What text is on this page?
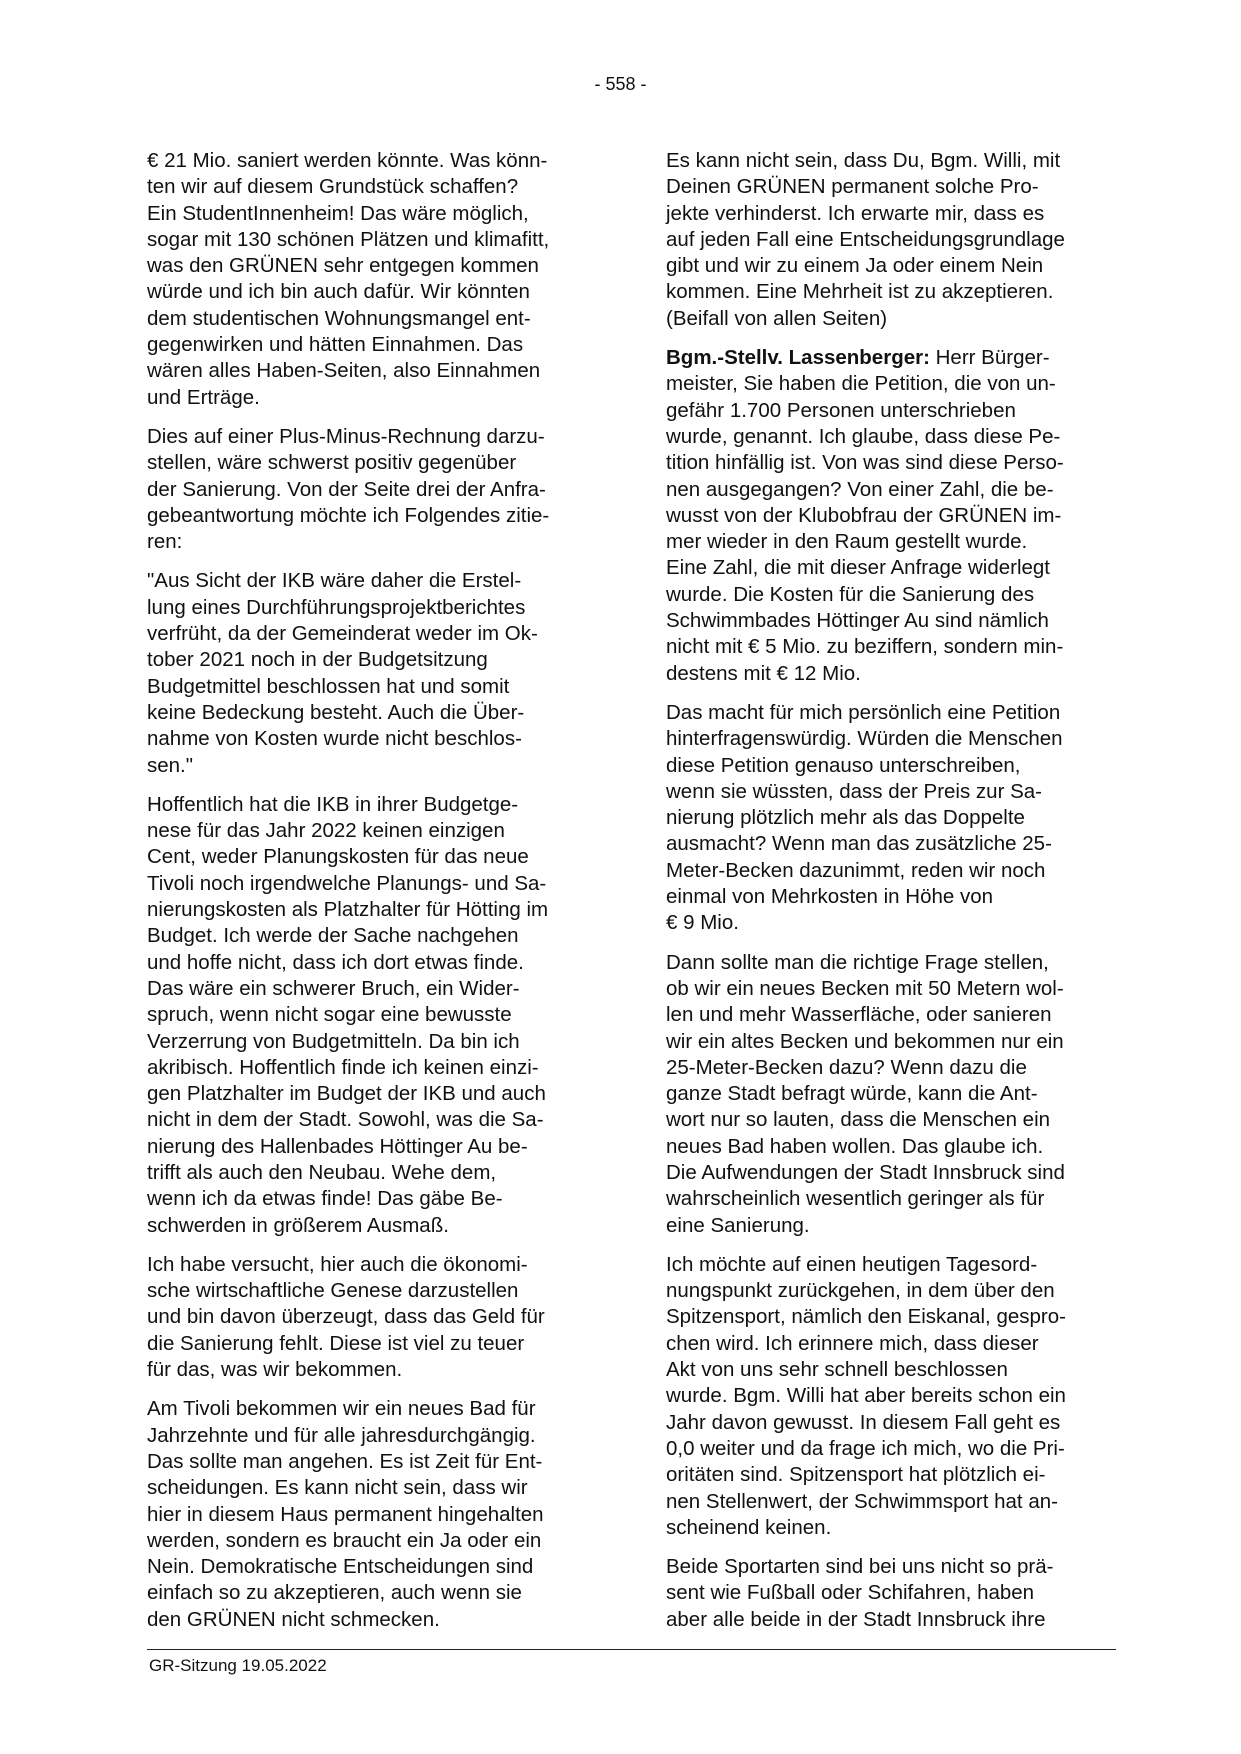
- 558 -

€ 21 Mio. saniert werden könnte. Was könn-
ten wir auf diesem Grundstück schaffen?
Ein StudentInnenheim! Das wäre möglich,
sogar mit 130 schönen Plätzen und klimafitt,
was den GRÜNEN sehr entgegen kommen
würde und ich bin auch dafür. Wir könnten
dem studentischen Wohnungsmangel ent-
gegenwirken und hätten Einnahmen. Das
wären alles Haben-Seiten, also Einnahmen
und Erträge.

Dies auf einer Plus-Minus-Rechnung darzu-
stellen, wäre schwerst positiv gegenüber
der Sanierung. Von der Seite drei der Anfra-
gebeantwortung möchte ich Folgendes zitie-
ren:

"Aus Sicht der IKB wäre daher die Erstel-
lung eines Durchführungsprojektberichtes
verfrüht, da der Gemeinderat weder im Ok-
tober 2021 noch in der Budgetsitzung
Budgetmittel beschlossen hat und somit
keine Bedeckung besteht. Auch die Über-
nahme von Kosten wurde nicht beschlos-
sen."

Hoffentlich hat die IKB in ihrer Budgetge-
nese für das Jahr 2022 keinen einzigen
Cent, weder Planungskosten für das neue
Tivoli noch irgendwelche Planungs- und Sa-
nierungskosten als Platzhalter für Hötting im
Budget. Ich werde der Sache nachgehen
und hoffe nicht, dass ich dort etwas finde.
Das wäre ein schwerer Bruch, ein Wider-
spruch, wenn nicht sogar eine bewusste
Verzerrung von Budgetmitteln. Da bin ich
akribisch. Hoffentlich finde ich keinen einzi-
gen Platzhalter im Budget der IKB und auch
nicht in dem der Stadt. Sowohl, was die Sa-
nierung des Hallenbades Höttinger Au be-
trifft als auch den Neubau. Wehe dem,
wenn ich da etwas finde! Das gäbe Be-
schwerden in größerem Ausmaß.

Ich habe versucht, hier auch die ökonomi-
sche wirtschaftliche Genese darzustellen
und bin davon überzeugt, dass das Geld für
die Sanierung fehlt. Diese ist viel zu teuer
für das, was wir bekommen.

Am Tivoli bekommen wir ein neues Bad für
Jahrzehnte und für alle jahresdurchgängig.
Das sollte man angehen. Es ist Zeit für Ent-
scheidungen. Es kann nicht sein, dass wir
hier in diesem Haus permanent hingehalten
werden, sondern es braucht ein Ja oder ein
Nein. Demokratische Entscheidungen sind
einfach so zu akzeptieren, auch wenn sie
den GRÜNEN nicht schmecken.

Es kann nicht sein, dass Du, Bgm. Willi, mit
Deinen GRÜNEN permanent solche Pro-
jekte verhinderst. Ich erwarte mir, dass es
auf jeden Fall eine Entscheidungsgrundlage
gibt und wir zu einem Ja oder einem Nein
kommen. Eine Mehrheit ist zu akzeptieren.
(Beifall von allen Seiten)

Bgm.-Stellv. Lassenberger: Herr Bürger-
meister, Sie haben die Petition, die von un-
gefähr 1.700 Personen unterschrieben
wurde, genannt. Ich glaube, dass diese Pe-
tition hinfällig ist. Von was sind diese Perso-
nen ausgegangen? Von einer Zahl, die be-
wusst von der Klubobfrau der GRÜNEN im-
mer wieder in den Raum gestellt wurde.
Eine Zahl, die mit dieser Anfrage widerlegt
wurde. Die Kosten für die Sanierung des
Schwimmbades Höttinger Au sind nämlich
nicht mit € 5 Mio. zu beziffern, sondern min-
destens mit € 12 Mio.

Das macht für mich persönlich eine Petition
hinterfragenswürdig. Würden die Menschen
diese Petition genauso unterschreiben,
wenn sie wüssten, dass der Preis zur Sa-
nierung plötzlich mehr als das Doppelte
ausmacht? Wenn man das zusätzliche 25-
Meter-Becken dazunimmt, reden wir noch
einmal von Mehrkosten in Höhe von
€ 9 Mio.

Dann sollte man die richtige Frage stellen,
ob wir ein neues Becken mit 50 Metern wol-
len und mehr Wasserfläche, oder sanieren
wir ein altes Becken und bekommen nur ein
25-Meter-Becken dazu? Wenn dazu die
ganze Stadt befragt würde, kann die Ant-
wort nur so lauten, dass die Menschen ein
neues Bad haben wollen. Das glaube ich.
Die Aufwendungen der Stadt Innsbruck sind
wahrscheinlich wesentlich geringer als für
eine Sanierung.

Ich möchte auf einen heutigen Tagesord-
nungspunkt zurückgehen, in dem über den
Spitzensport, nämlich den Eiskanal, gespro-
chen wird. Ich erinnere mich, dass dieser
Akt von uns sehr schnell beschlossen
wurde. Bgm. Willi hat aber bereits schon ein
Jahr davon gewusst. In diesem Fall geht es
0,0 weiter und da frage ich mich, wo die Pri-
oritäten sind. Spitzensport hat plötzlich ei-
nen Stellenwert, der Schwimmsport hat an-
scheinend keinen.

Beide Sportarten sind bei uns nicht so prä-
sent wie Fußball oder Schifahren, haben
aber alle beide in der Stadt Innsbruck ihre

GR-Sitzung 19.05.2022
